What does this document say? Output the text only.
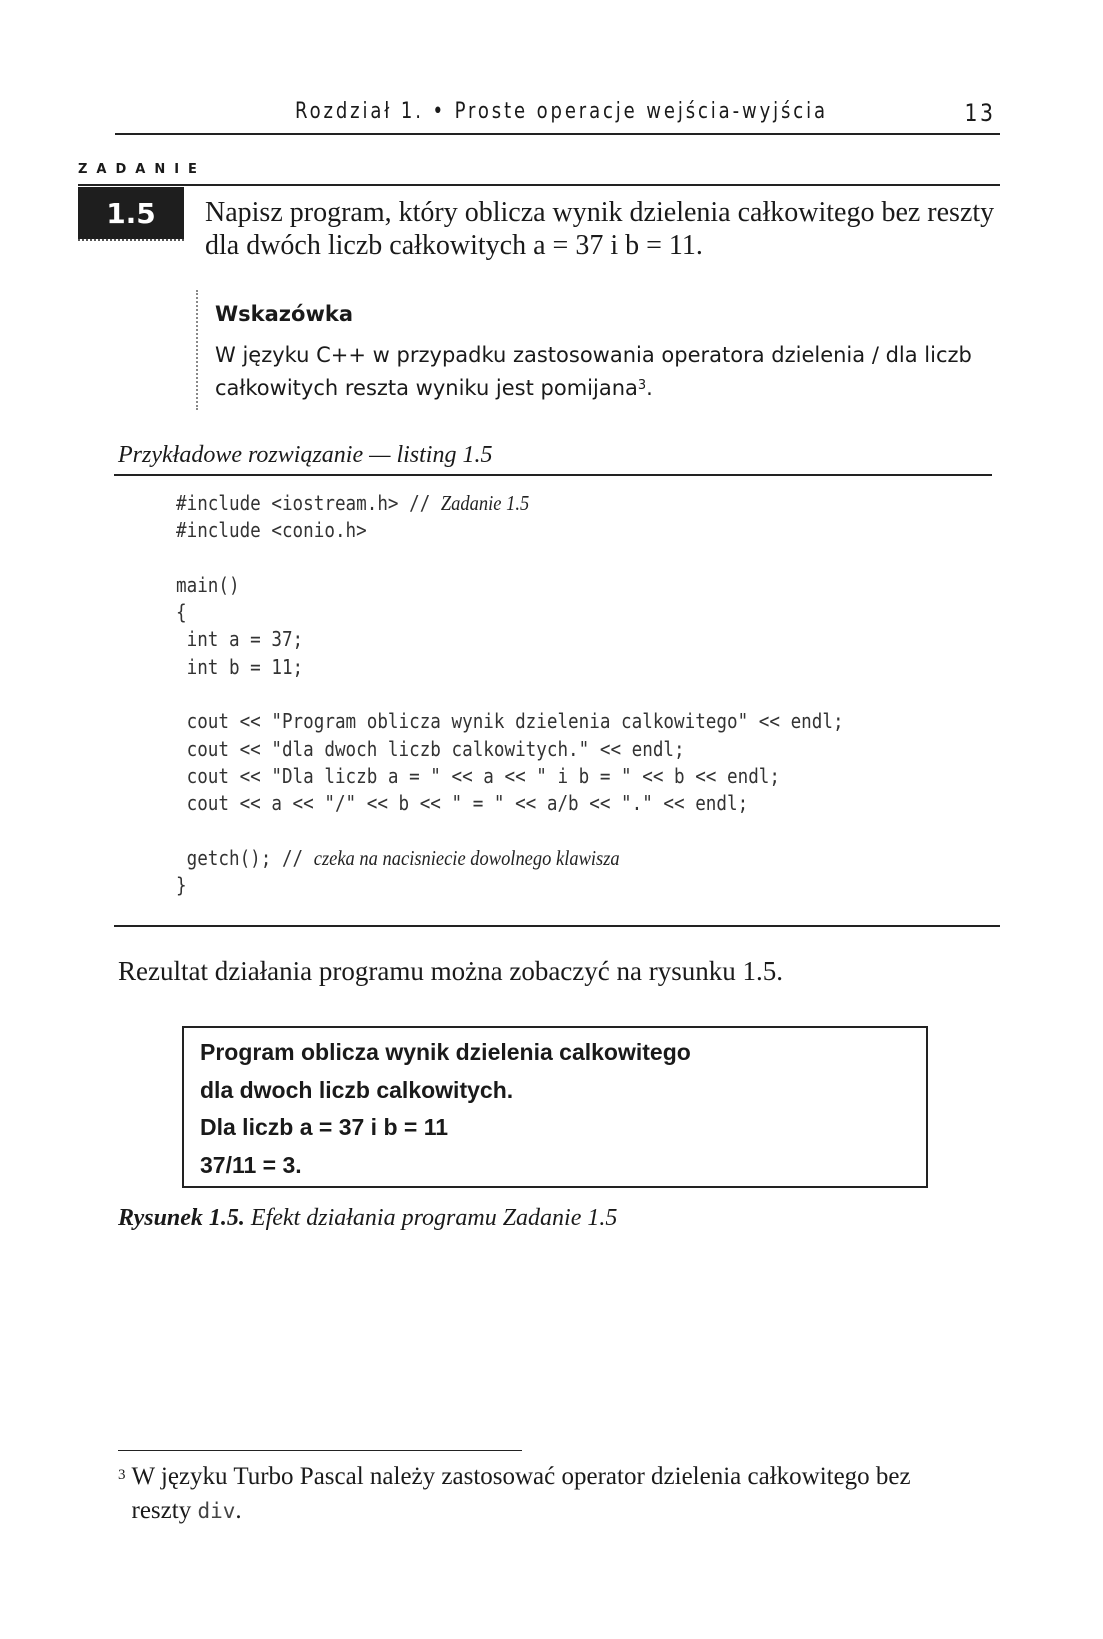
Rozdział 1. • Proste operacje wejścia-wyjścia	13
ZADANIE
1.5 Napisz program, który oblicza wynik dzielenia całkowitego bez reszty dla dwóch liczb całkowitych a = 37 i b = 11.
Wskazówka
W języku C++ w przypadku zastosowania operatora dzielenia / dla liczb całkowitych reszta wyniku jest pomijana$^3$.
Przykładowe rozwiązanie — listing 1.5
#include <iostream.h> // Zadanie 1.5
#include <conio.h>
main()
{
int a = 37;
int b = 11;
cout << "Program oblicza wynik dzielenia calkowitego" << endl;
cout << "dla dwoch liczb calkowitych." << endl;
cout << "Dla liczb a = " << a << " i b = " << b << endl;
cout << a << "/" << b << " = " << a/b << "." << endl;
getch(); // czeka na nacisniecie dowolnego klawisza
}
Rezultat działania programu można zobaczyć na rysunku 1.5.
Program oblicza wynik dzielenia calkowitego
dla dwoch liczb calkowitych.
Dla liczb a = 37 i b = 11
37/11 = 3.
Rysunek 1.5. Efekt działania programu Zadanie 1.5
$^3$ W języku Turbo Pascal należy zastosować operator dzielenia całkowitego bez reszty div.
